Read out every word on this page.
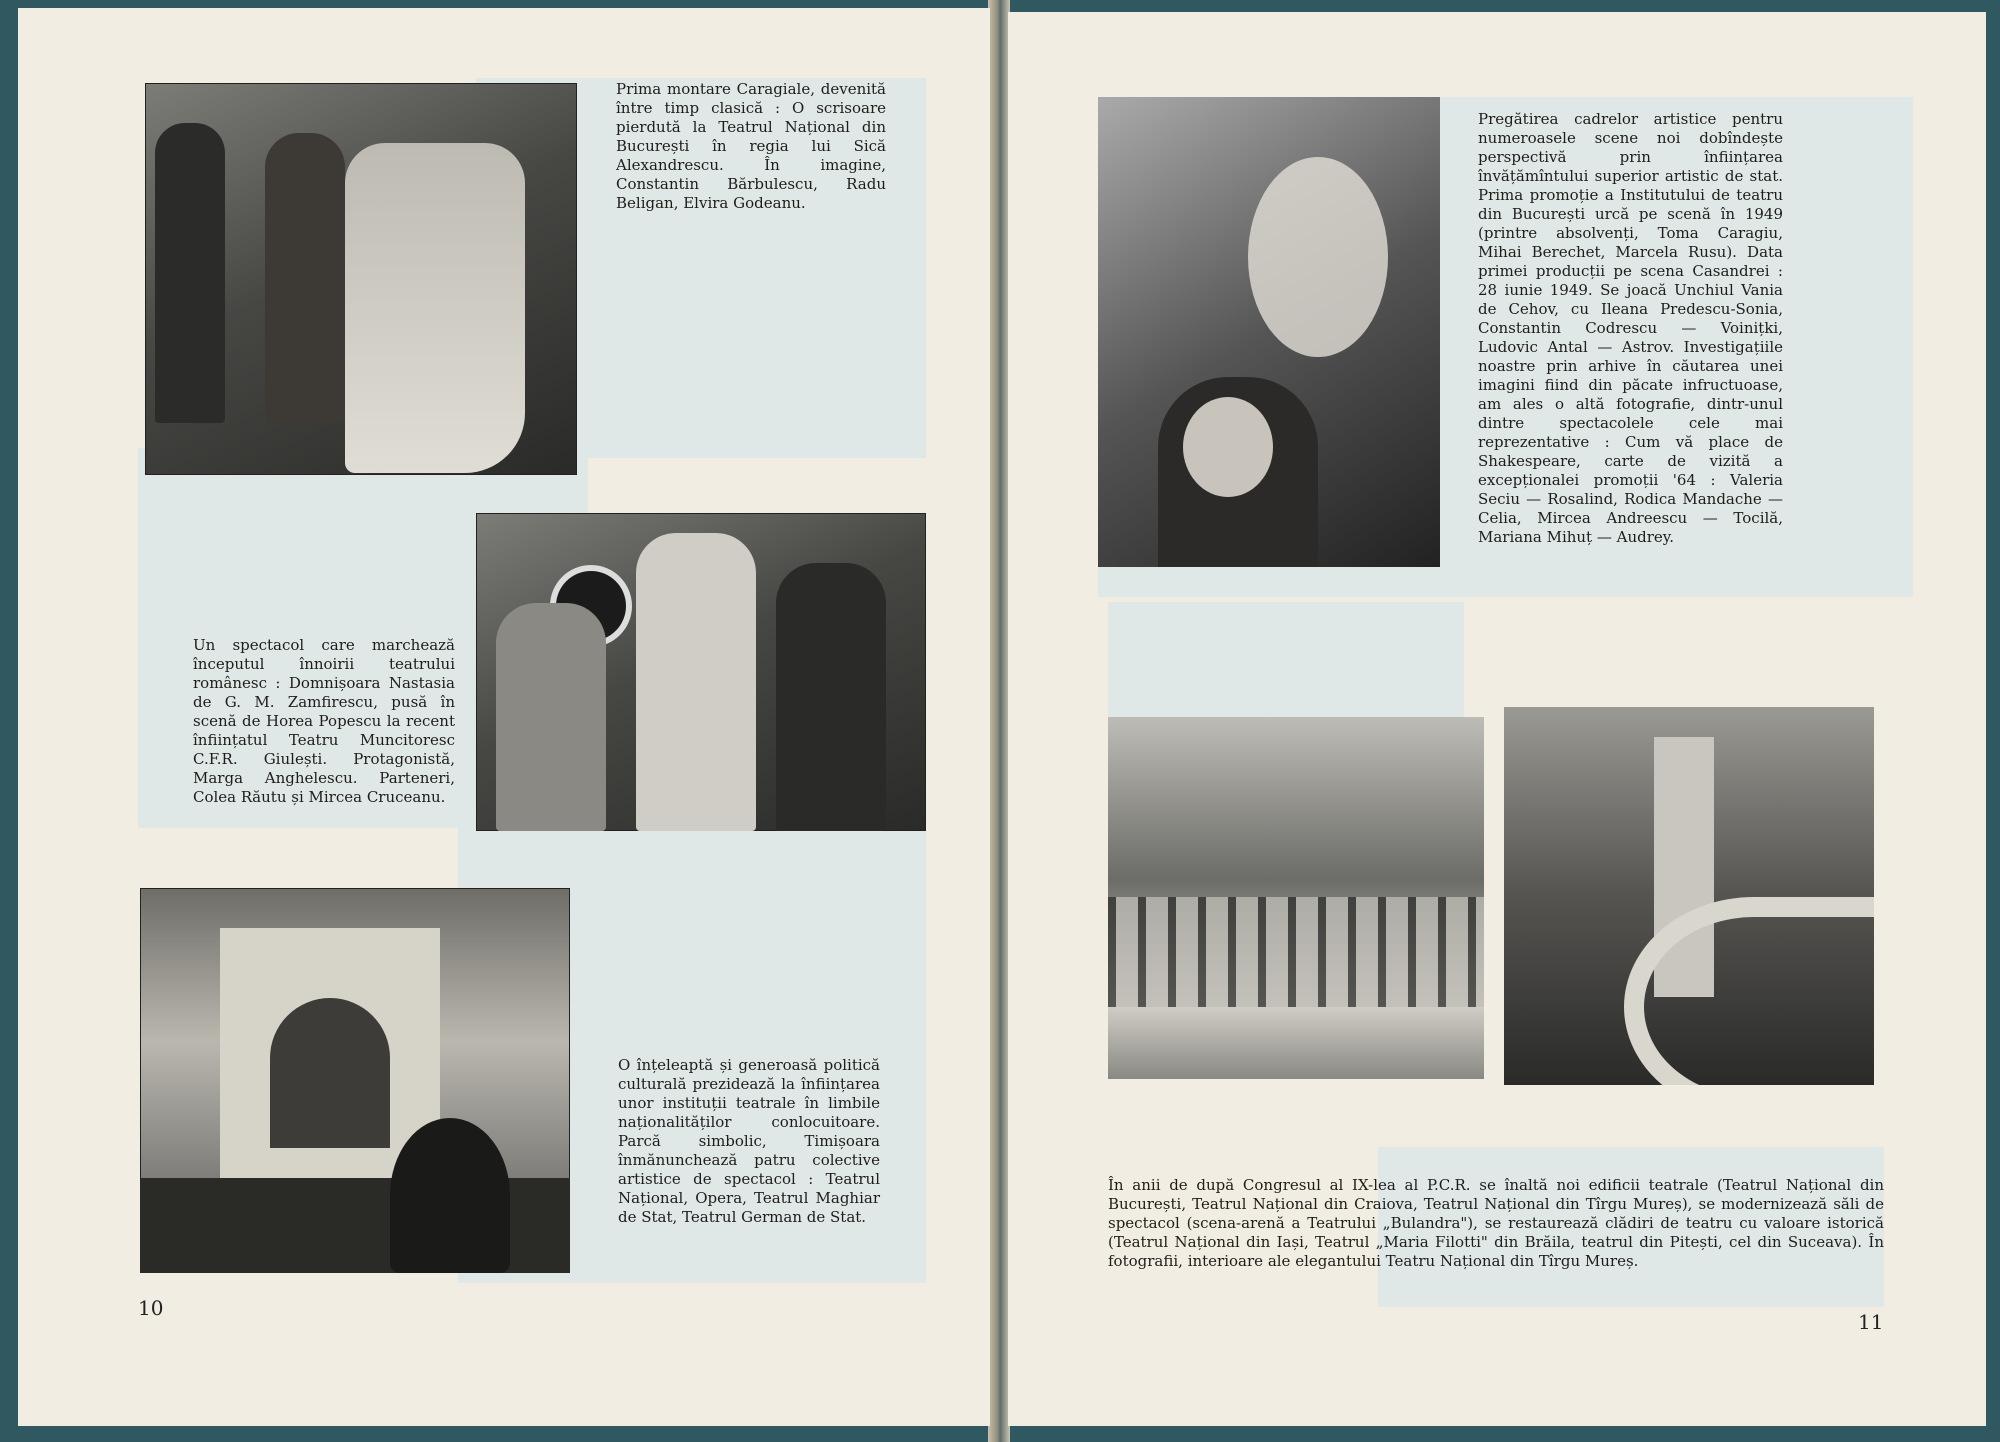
Prima montare Caragiale, devenită între timp clasică : O scrisoare pierdută la Teatrul Național din București în regia lui Sică Alexandrescu. În imagine, Constantin Bărbulescu, Radu Beligan, Elvira Godeanu.

Un spectacol care marchează începutul înnoirii teatrului românesc : Domnișoara Nastasia de G. M. Zamfirescu, pusă în scenă de Horea Popescu la recent înființatul Teatru Muncitoresc C.F.R. Giulești. Protagonistă, Marga Anghelescu. Parteneri, Colea Răutu și Mircea Cruceanu.

O înțeleaptă și generoasă politică culturală prezidează la înființarea unor instituții teatrale în limbile naționalităților conlocuitoare. Parcă simbolic, Timișoara înmănunchează patru colective artistice de spectacol : Teatrul Național, Opera, Teatrul Maghiar de Stat, Teatrul German de Stat.

10

Pregătirea cadrelor artistice pentru numeroasele scene noi dobîndește perspectivă prin înființarea învățămîntului superior artistic de stat. Prima promoție a Institutului de teatru din București urcă pe scenă în 1949 (printre absolvenți, Toma Caragiu, Mihai Berechet, Marcela Rusu). Data primei producții pe scena Casandrei : 28 iunie 1949. Se joacă Unchiul Vania de Cehov, cu Ileana Predescu-Sonia, Constantin Codrescu — Voinițki, Ludovic Antal — Astrov. Investigațiile noastre prin arhive în căutarea unei imagini fiind din păcate infructuoase, am ales o altă fotografie, dintr-unul dintre spectacolele cele mai reprezentative : Cum vă place de Shakespeare, carte de vizită a excepționalei promoții '64 : Valeria Seciu — Rosalind, Rodica Mandache — Celia, Mircea Andreescu — Tocilă, Mariana Mihuț — Audrey.

În anii de după Congresul al IX-lea al P.C.R. se înaltă noi edificii teatrale (Teatrul Național din București, Teatrul Național din Craiova, Teatrul Național din Tîrgu Mureș), se modernizează săli de spectacol (scena-arenă a Teatrului „Bulandra"), se restaurează clădiri de teatru cu valoare istorică (Teatrul Național din Iași, Teatrul „Maria Filotti" din Brăila, teatrul din Pitești, cel din Suceava). În fotografii, interioare ale elegantului Teatru Național din Tîrgu Mureș.

11
